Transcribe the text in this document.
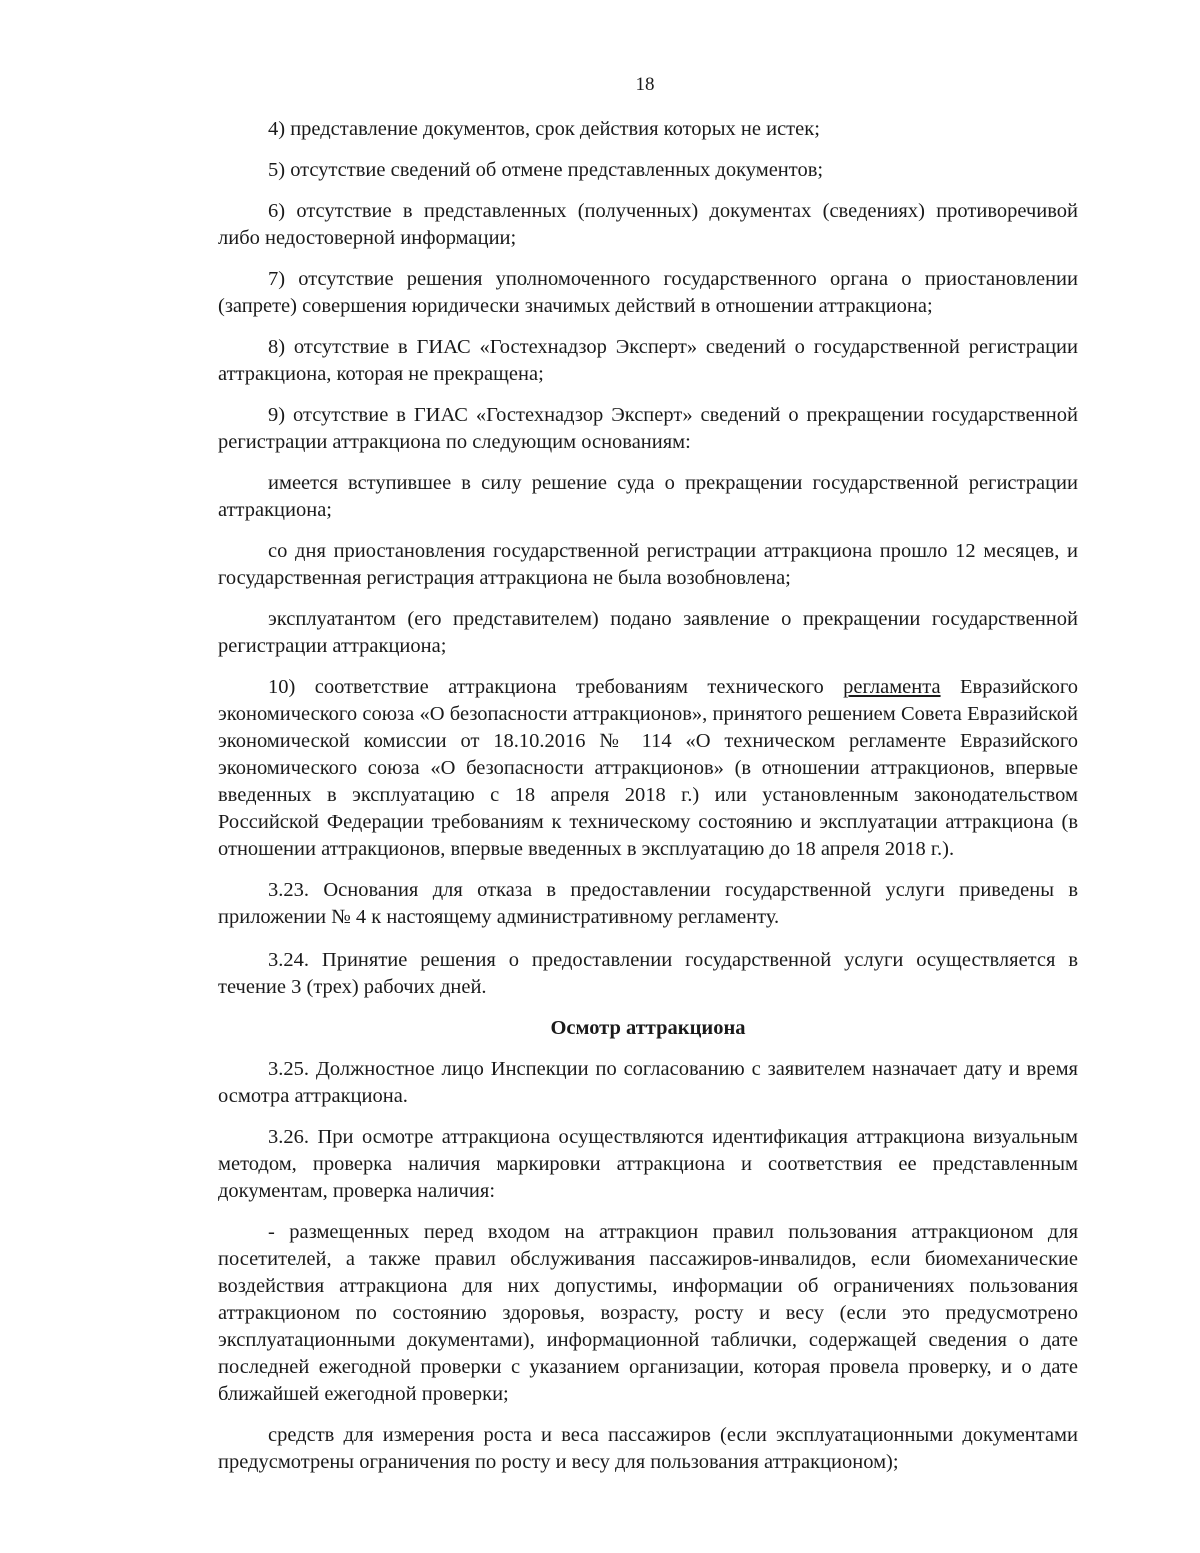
18

4) представление документов, срок действия которых не истек;

5) отсутствие сведений об отмене представленных документов;

6) отсутствие в представленных (полученных) документах (сведениях) противоречивой либо недостоверной информации;

7) отсутствие решения уполномоченного государственного органа о приостановлении (запрете) совершения юридически значимых действий в отношении аттракциона;

8) отсутствие в ГИАС «Гостехнадзор Эксперт» сведений о государственной регистрации аттракциона, которая не прекращена;

9) отсутствие в ГИАС «Гостехнадзор Эксперт» сведений о прекращении государственной регистрации аттракциона по следующим основаниям:

имеется вступившее в силу решение суда о прекращении государственной регистрации аттракциона;

со дня приостановления государственной регистрации аттракциона прошло 12 месяцев, и государственная регистрация аттракциона не была возобновлена;

эксплуатантом (его представителем) подано заявление о прекращении государственной регистрации аттракциона;

10) соответствие аттракциона требованиям технического регламента Евразийского экономического союза «О безопасности аттракционов», принятого решением Совета Евразийской экономической комиссии от 18.10.2016 № 114 «О техническом регламенте Евразийского экономического союза «О безопасности аттракционов» (в отношении аттракционов, впервые введенных в эксплуатацию с 18 апреля 2018 г.) или установленным законодательством Российской Федерации требованиям к техническому состоянию и эксплуатации аттракциона (в отношении аттракционов, впервые введенных в эксплуатацию до 18 апреля 2018 г.).

3.23. Основания для отказа в предоставлении государственной услуги приведены в приложении № 4 к настоящему административному регламенту.

3.24. Принятие решения о предоставлении государственной услуги осуществляется в течение 3 (трех) рабочих дней.

Осмотр аттракциона

3.25. Должностное лицо Инспекции по согласованию с заявителем назначает дату и время осмотра аттракциона.

3.26. При осмотре аттракциона осуществляются идентификация аттракциона визуальным методом, проверка наличия маркировки аттракциона и соответствия ее представленным документам, проверка наличия:

- размещенных перед входом на аттракцион правил пользования аттракционом для посетителей, а также правил обслуживания пассажиров-инвалидов, если биомеханические воздействия аттракциона для них допустимы, информации об ограничениях пользования аттракционом по состоянию здоровья, возрасту, росту и весу (если это предусмотрено эксплуатационными документами), информационной таблички, содержащей сведения о дате последней ежегодной проверки с указанием организации, которая провела проверку, и о дате ближайшей ежегодной проверки;

средств для измерения роста и веса пассажиров (если эксплуатационными документами предусмотрены ограничения по росту и весу для пользования аттракционом);
